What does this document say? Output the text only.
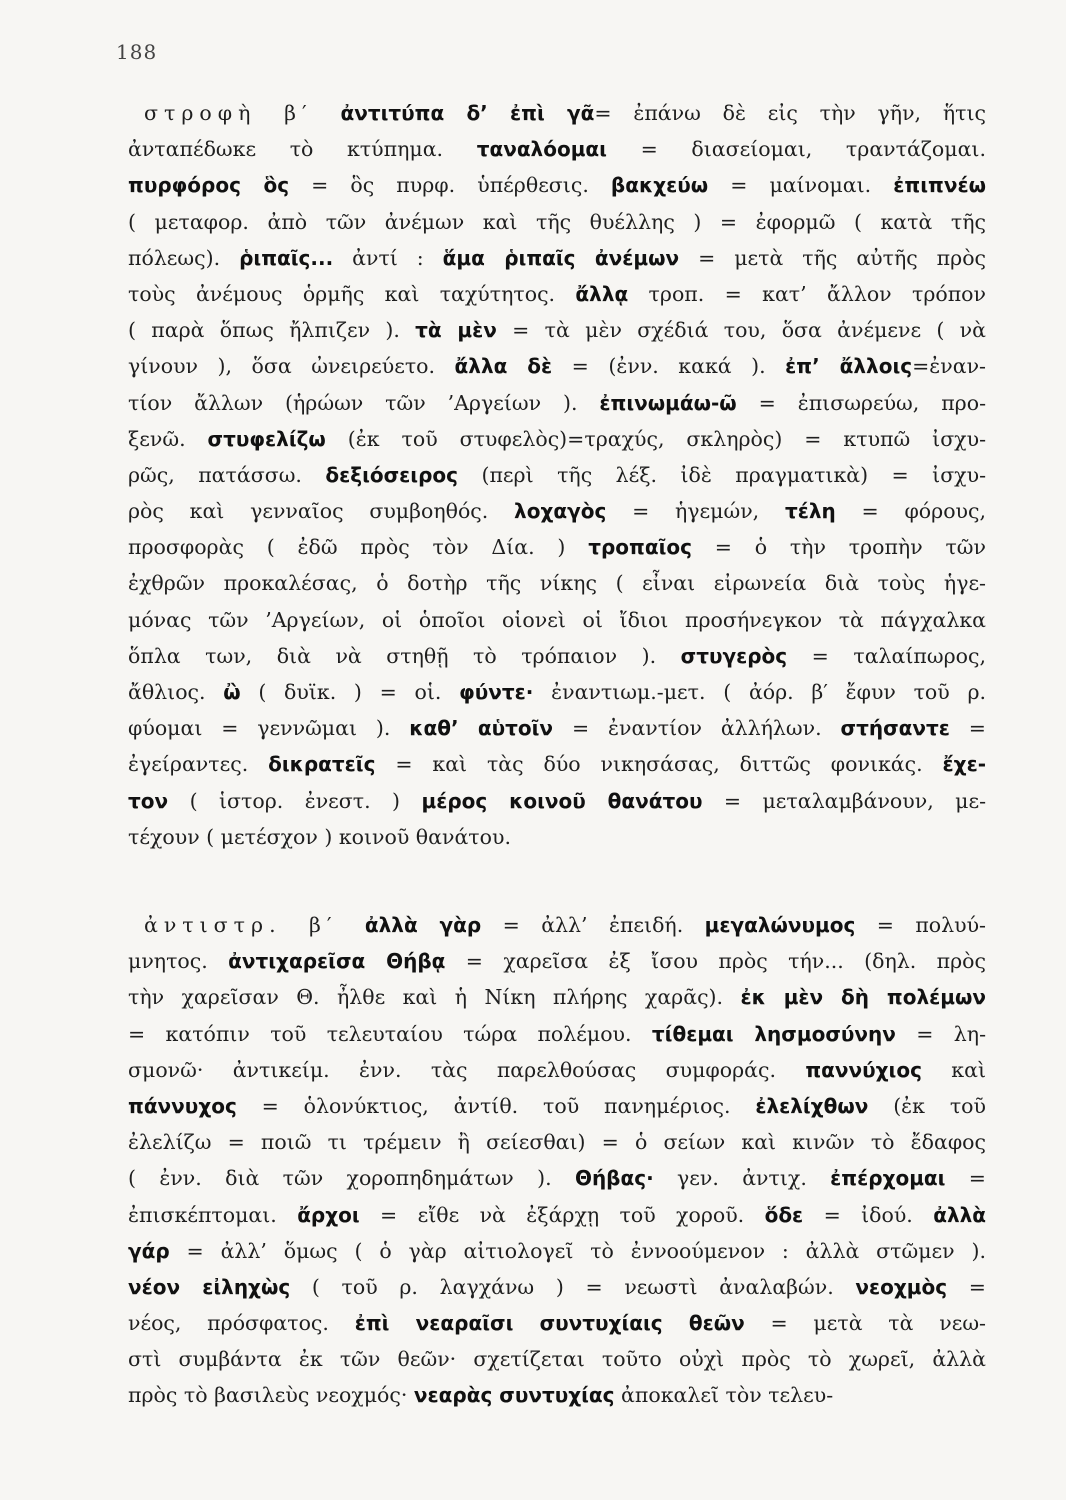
188
στροφὴ β′ ἀντιτύπα δ’ ἐπὶ γᾶ= ἐπάνω δὲ εἰς τὴν γῆν, ἥτις
ἀνταπέδωκε τὸ κτύπημα. ταναλόομαι = διασείομαι, τραντάζομαι.
πυρφόρος ὃς = ὃς πυρφ. ὑπέρθεσις. βακχεύω = μαίνομαι. ἐπιπνέω
( μεταφορ. ἀπὸ τῶν ἀνέμων καὶ τῆς θυέλλης ) = ἐφορμῶ ( κατὰ τῆς
πόλεως). ῥιπαῖς... ἀντί : ἅμα ῥιπαῖς ἀνέμων = μετὰ τῆς αὐτῆς πρὸς
τοὺς ἀνέμους ὁρμῆς καὶ ταχύτητος. ἄλλᾳ τροπ. = κατ’ ἄλλον τρόπον
( παρὰ ὅπως ἤλπιζεν ). τὰ μὲν = τὰ μὲν σχέδιά του, ὅσα ἀνέμενε ( νὰ
γίνουν ), ὅσα ὠνειρεύετο. ἄλλα δὲ = (ἐνν. κακά ). ἐπ’ ἄλλοις=ἐναν-
τίον ἄλλων (ἡρώων τῶν ’Αργείων ). ἐπινωμάω-ῶ = ἐπισωρεύω, προ-
ξενῶ. στυφελίζω (ἐκ τοῦ στυφελὸς)=τραχύς, σκληρὸς) = κτυπῶ ἰσχυ-
ρῶς, πατάσσω. δεξιόσειρος (περὶ τῆς λέξ. ἰδὲ πραγματικὰ) = ἰσχυ-
ρὸς καὶ γενναῖος συμβοηθός. λοχαγὸς = ἡγεμών, τέλη = φόρους,
προσφορὰς ( ἐδῶ πρὸς τὸν Δία. ) τροπαῖος = ὁ τὴν τροπὴν τῶν
ἐχθρῶν προκαλέσας, ὁ δοτὴρ τῆς νίκης ( εἶναι εἰρωνεία διὰ τοὺς ἡγε-
μόνας τῶν ’Αργείων, οἱ ὁποῖοι οἱονεὶ οἱ ἴδιοι προσήνεγκον τὰ πάγχαλκα
ὅπλα των, διὰ νὰ στηθῇ τὸ τρόπαιον ). στυγερὸς = ταλαίπωρος,
ἄθλιος. ὢ ( δυϊκ. ) = οἱ. φύντε· ἐναντιωμ.-μετ. ( ἀόρ. β′ ἔφυν τοῦ ρ.
φύομαι = γεννῶμαι ). καθ’ αὑτοῖν = ἐναντίον ἀλλήλων. στήσαντε =
ἐγείραντες. δικρατεῖς = καὶ τὰς δύο νικησάσας, διττῶς φονικάς. ἔχε-
τον ( ἱστορ. ἐνεστ. ) μέρος κοινοῦ θανάτου = μεταλαμβάνουν, με-
τέχουν ( μετέσχον ) κοινοῦ θανάτου.
ἀντιστρ. β′ ἀλλὰ γὰρ = ἀλλ’ ἐπειδή. μεγαλώνυμος = πολυύ-
μνητος. ἀντιχαρεῖσα Θήβᾳ = χαρεῖσα ἐξ ἴσου πρὸς τήν... (δηλ. πρὸς
τὴν χαρεῖσαν Θ. ἦλθε καὶ ἡ Νίκη πλήρης χαρᾶς). ἐκ μὲν δὴ πολέμων
= κατόπιν τοῦ τελευταίου τώρα πολέμου. τίθεμαι λησμοσύνην = λη-
σμονῶ· ἀντικείμ. ἐνν. τὰς παρελθούσας συμφοράς. παννύχιος καὶ
πάννυχος = ὁλονύκτιος, ἀντίθ. τοῦ πανημέριος. ἐλελίχθων (ἐκ τοῦ
ἐλελίζω = ποιῶ τι τρέμειν ἢ σείεσθαι) = ὁ σείων καὶ κινῶν τὸ ἔδαφος
( ἐνν. διὰ τῶν χοροπηδημάτων ). Θήβας· γεν. ἀντιχ. ἐπέρχομαι =
ἐπισκέπτομαι. ἄρχοι = εἴθε νὰ ἐξάρχῃ τοῦ χοροῦ. ὅδε = ἰδού. ἀλλὰ
γάρ = ἀλλ’ ὅμως ( ὁ γὰρ αἰτιολογεῖ τὸ ἐννοούμενον : ἀλλὰ στῶμεν ).
νέον εἰληχὼς ( τοῦ ρ. λαγχάνω ) = νεωστὶ ἀναλαβών. νεοχμὸς =
νέος, πρόσφατος. ἐπὶ νεαραῖσι συντυχίαις θεῶν = μετὰ τὰ νεω-
στὶ συμβάντα ἐκ τῶν θεῶν· σχετίζεται τοῦτο οὐχὶ πρὸς τὸ χωρεῖ, ἀλλὰ
πρὸς τὸ βασιλεὺς νεοχμός· νεαρὰς συντυχίας ἀποκαλεῖ τὸν τελευ-
